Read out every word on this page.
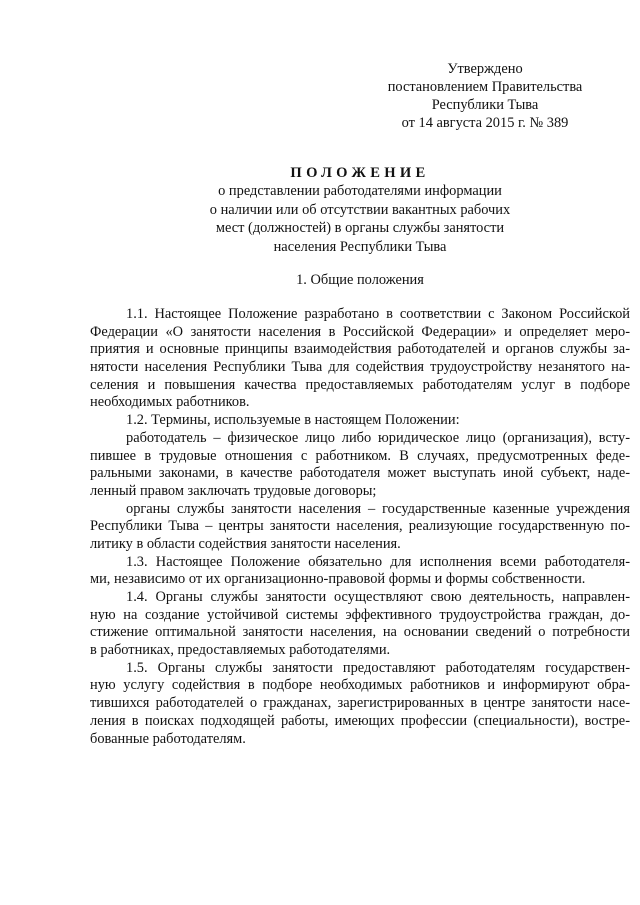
Утверждено
постановлением Правительства
Республики Тыва
от 14 августа 2015 г. № 389
ПОЛОЖЕНИЕ
о представлении работодателями информации
о наличии или об отсутствии вакантных рабочих
мест (должностей) в органы службы занятости
населения Республики Тыва
1. Общие положения
1.1. Настоящее Положение разработано в соответствии с Законом Российской
Федерации «О занятости населения в Российской Федерации» и определяет меро-
приятия и основные принципы взаимодействия работодателей и органов службы за-
нятости населения Республики Тыва для содействия трудоустройству незанятого на-
селения и повышения качества предоставляемых работодателям услуг в подборе
необходимых работников.
1.2. Термины, используемые в настоящем Положении:
работодатель – физическое лицо либо юридическое лицо (организация), всту-
пившее в трудовые отношения с работником. В случаях, предусмотренных феде-
ральными законами, в качестве работодателя может выступать иной субъект, наде-
ленный правом заключать трудовые договоры;
органы службы занятости населения – государственные казенные учреждения
Республики Тыва – центры занятости населения, реализующие государственную по-
литику в области содействия занятости населения.
1.3. Настоящее Положение обязательно для исполнения всеми работодателя-
ми, независимо от их организационно-правовой формы и формы собственности.
1.4. Органы службы занятости осуществляют свою деятельность, направлен-
ную на создание устойчивой системы эффективного трудоустройства граждан, до-
стижение оптимальной занятости населения, на основании сведений о потребности
в работниках, предоставляемых работодателями.
1.5. Органы службы занятости предоставляют работодателям государствен-
ную услугу содействия в подборе необходимых работников и информируют обра-
тившихся работодателей о гражданах, зарегистрированных в центре занятости насе-
ления в поисках подходящей работы, имеющих профессии (специальности), востре-
бованные работодателям.
